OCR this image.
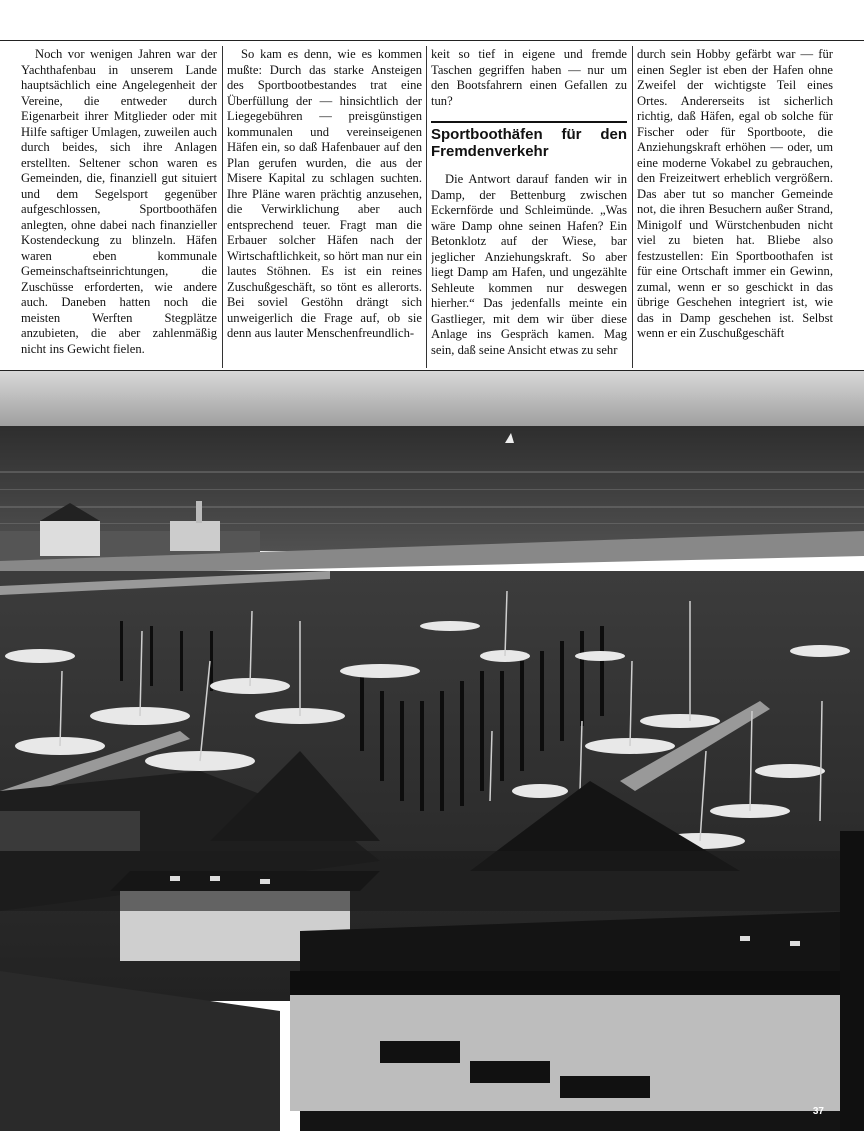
Noch vor wenigen Jahren war der Yachthafenbau in unserem Lande hauptsächlich eine Angelegenheit der Vereine, die entweder durch Eigenarbeit ihrer Mitglieder oder mit Hilfe saftiger Umlagen, zuweilen auch durch beides, sich ihre Anlagen erstellten. Seltener schon waren es Gemeinden, die, finanziell gut situiert und dem Segelsport gegenüber aufgeschlossen, Sportboothäfen anlegten, ohne dabei nach finanzieller Kostendeckung zu blinzeln. Häfen waren eben kommunale Gemeinschaftseinrichtungen, die Zuschüsse erforderten, wie andere auch. Daneben hatten noch die meisten Werften Stegplätze anzubieten, die aber zahlenmäßig nicht ins Gewicht fielen.

So kam es denn, wie es kommen mußte: Durch das starke Ansteigen des Sportbootbestandes trat eine Überfüllung der — hinsichtlich der Liegegebühren — preisgünstigen kommunalen und vereinseigenen Häfen ein, so daß Hafenbauer auf den Plan gerufen wurden, die aus der Misere Kapital zu schlagen suchten. Ihre Pläne waren prächtig anzusehen, die Verwirklichung aber auch entsprechend teuer. Fragt man die Erbauer solcher Häfen nach der Wirtschaftlichkeit, so hört man nur ein lautes Stöhnen. Es ist ein reines Zuschußgeschäft, so tönt es allerorts. Bei soviel Gestöhn drängt sich unweigerlich die Frage auf, ob sie denn aus lauter Menschenfreundlich-

keit so tief in eigene und fremde Taschen gegriffen haben — nur um den Bootsfahrern einen Gefallen zu tun?

Sportboothäfen für den Fremdenverkehr

Die Antwort darauf fanden wir in Damp, der Bettenburg zwischen Eckernförde und Schleimünde. „Was wäre Damp ohne seinen Hafen? Ein Betonklotz auf der Wiese, bar jeglicher Anziehungskraft. So aber liegt Damp am Hafen, und ungezählte Sehleute kommen nur deswegen hierher.“ Das jedenfalls meinte ein Gastlieger, mit dem wir über diese Anlage ins Gespräch kamen. Mag sein, daß seine Ansicht etwas zu sehr

durch sein Hobby gefärbt war — für einen Segler ist eben der Hafen ohne Zweifel der wichtigste Teil eines Ortes. Andererseits ist sicherlich richtig, daß Häfen, egal ob solche für Fischer oder für Sportboote, die Anziehungskraft erhöhen — oder, um eine moderne Vokabel zu gebrauchen, den Freizeitwert erheblich vergrößern. Das aber tut so mancher Gemeinde not, die ihren Besuchern außer Strand, Minigolf und Würstchenbuden nicht viel zu bieten hat. Bliebe also festzustellen: Ein Sportboothafen ist für eine Ortschaft immer ein Gewinn, zumal, wenn er so geschickt in das übrige Geschehen integriert ist, wie das in Damp geschehen ist. Selbst wenn er ein Zuschußgeschäft

37
